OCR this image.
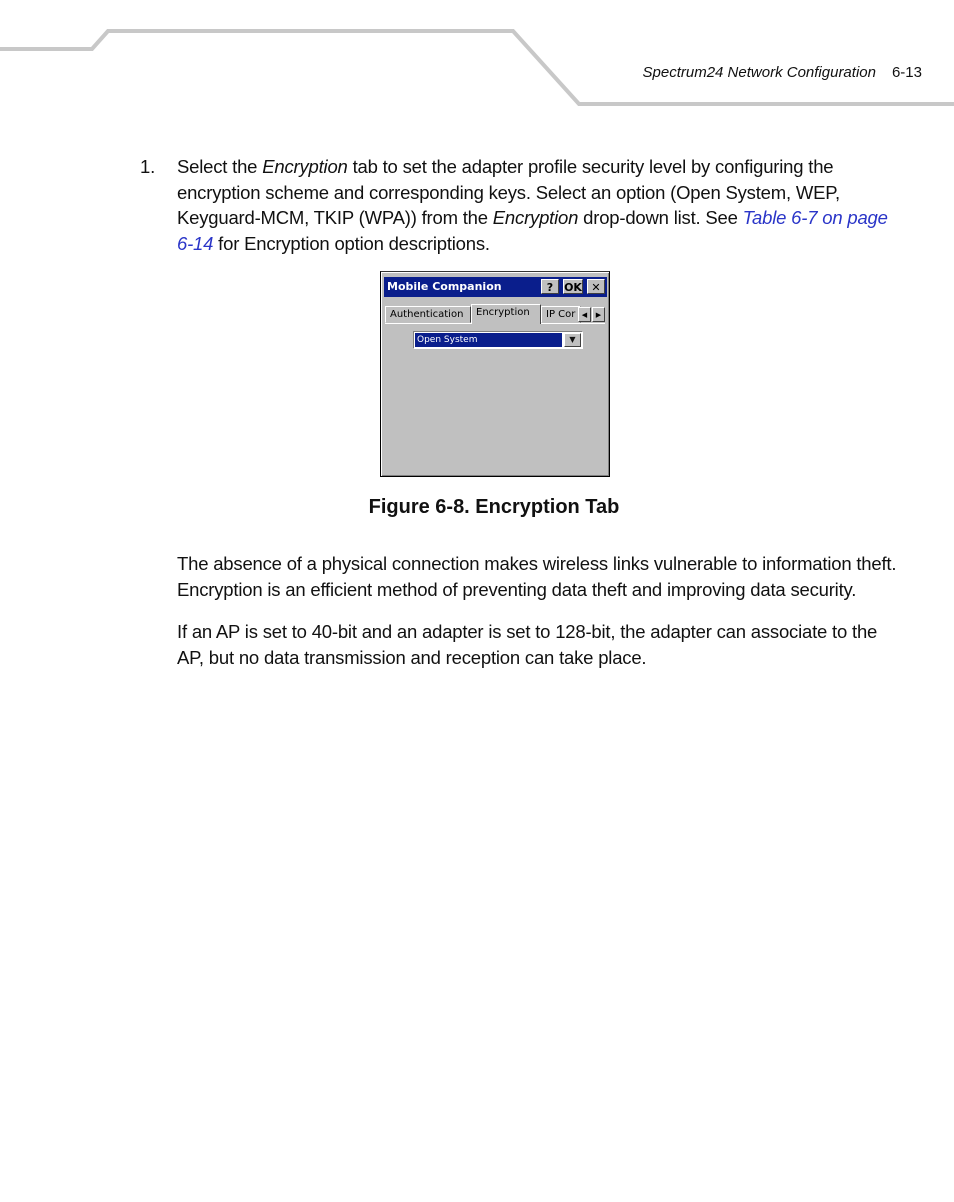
Spectrum24 Network Configuration 6-13
1. Select the Encryption tab to set the adapter profile security level by configuring the encryption scheme and corresponding keys. Select an option (Open System, WEP, Keyguard-MCM, TKIP (WPA)) from the Encryption drop-down list. See Table 6-7 on page 6-14 for Encryption option descriptions.
Mobile Companion	? OK ✕
Authentication	Encryption	IP Cor ◀	▶
Open System	▼
Figure 6-8. Encryption Tab

The absence of a physical connection makes wireless links vulnerable to information theft. Encryption is an efficient method of preventing data theft and improving data security.

If an AP is set to 40-bit and an adapter is set to 128-bit, the adapter can associate to the AP, but no data transmission and reception can take place.
